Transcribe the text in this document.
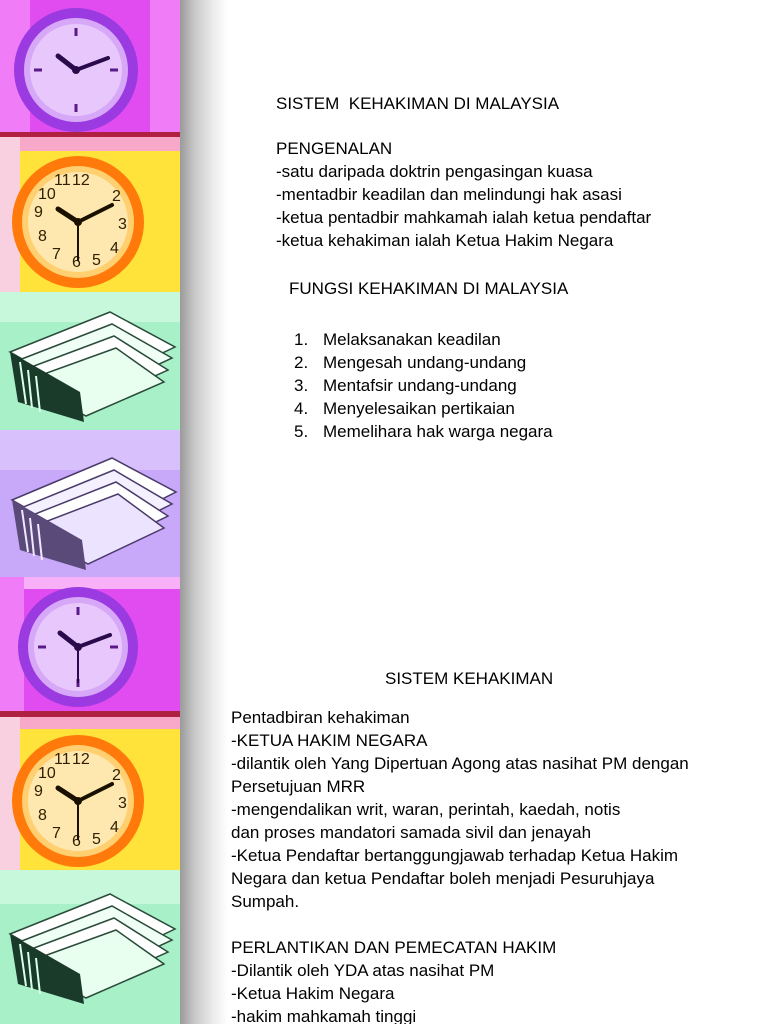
12
2
3
4
5
6
7
8
9
10
11
12
2
3
4
5
6
7
8
9
10
11
SISTEM  KEHAKIMAN DI MALAYSIA
PENGENALAN
-satu daripada doktrin pengasingan kuasa
-mentadbir keadilan dan melindungi hak asasi
-ketua pentadbir mahkamah ialah ketua pendaftar
-ketua kehakiman ialah Ketua Hakim Negara
FUNGSI KEHAKIMAN DI MALAYSIA
1. Melaksanakan keadilan
2. Mengesah undang-undang
3. Mentafsir undang-undang
4. Menyelesaikan pertikaian
5. Memelihara hak warga negara
SISTEM KEHAKIMAN
Pentadbiran kehakiman
-KETUA HAKIM NEGARA
-dilantik oleh Yang Dipertuan Agong atas nasihat PM dengan
Persetujuan MRR
-mengendalikan writ, waran, perintah, kaedah, notis
dan proses mandatori samada sivil dan jenayah
-Ketua Pendaftar bertanggungjawab terhadap Ketua Hakim
Negara dan ketua Pendaftar boleh menjadi Pesuruhjaya
Sumpah.
PERLANTIKAN DAN PEMECATAN HAKIM
-Dilantik oleh YDA atas nasihat PM
-Ketua Hakim Negara
-hakim mahkamah tinggi
